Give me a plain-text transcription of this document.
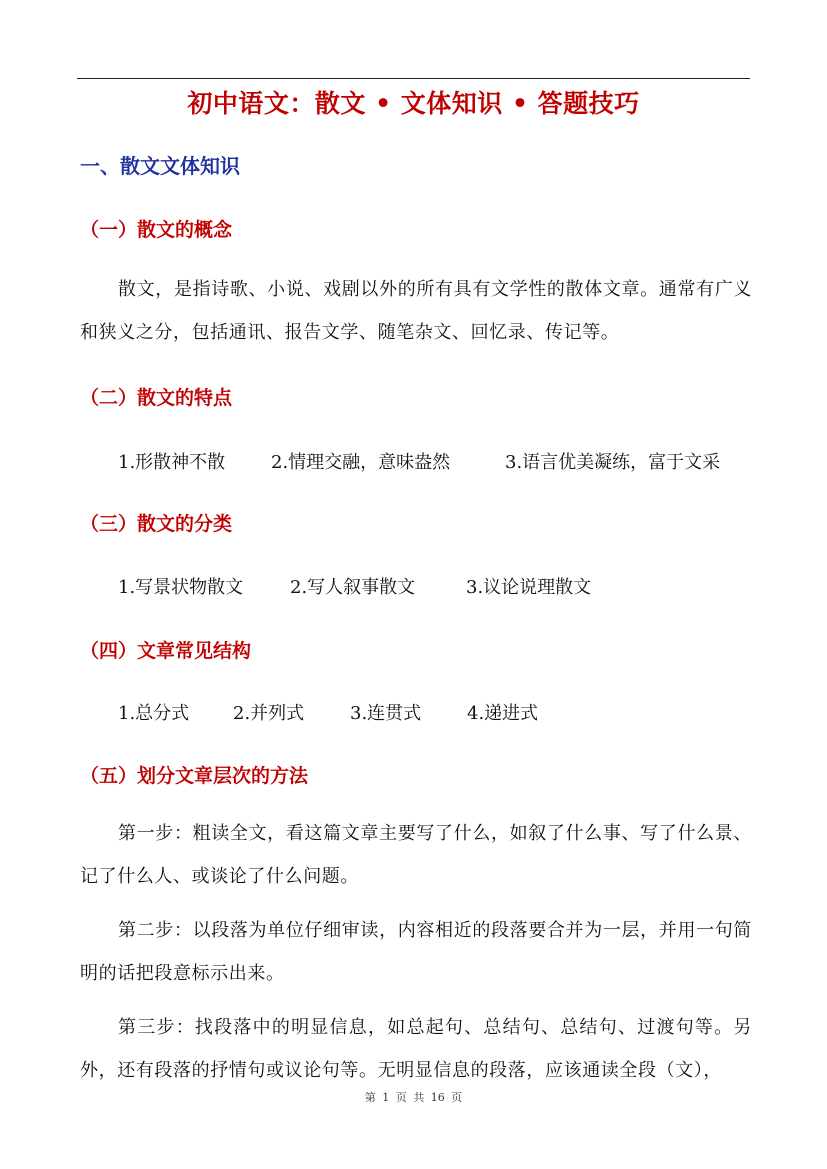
初中语文：散文 • 文体知识 • 答题技巧
一、散文文体知识
（一）散文的概念
散文，是指诗歌、小说、戏剧以外的所有具有文学性的散体文章。通常有广义和狭义之分，包括通讯、报告文学、随笔杂文、回忆录、传记等。
（二）散文的特点
1.形散神不散	2.情理交融，意味盎然	3.语言优美凝练，富于文采
（三）散文的分类
1.写景状物散文	2.写人叙事散文	3.议论说理散文
（四）文章常见结构
1.总分式	2.并列式	3.连贯式	4.递进式
（五）划分文章层次的方法
第一步：粗读全文，看这篇文章主要写了什么，如叙了什么事、写了什么景、记了什么人、或谈论了什么问题。
第二步：以段落为单位仔细审读，内容相近的段落要合并为一层，并用一句简明的话把段意标示出来。
第三步：找段落中的明显信息，如总起句、总结句、总结句、过渡句等。另外，还有段落的抒情句或议论句等。无明显信息的段落，应该通读全段（文），
第 1 页 共 16 页
